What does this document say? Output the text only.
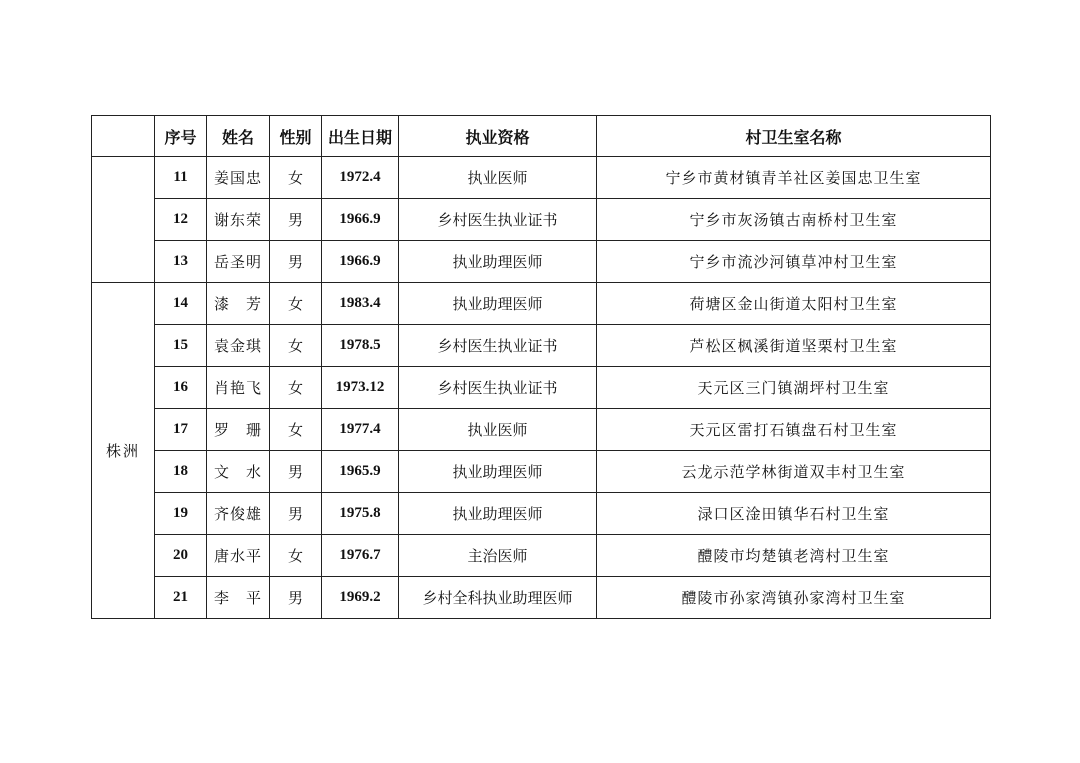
	序号	姓名	性别	出生日期	执业资格	村卫生室名称
	11	姜国忠	女	1972.4	执业医师	宁乡市黄材镇青羊社区姜国忠卫生室
	12	谢东荣	男	1966.9	乡村医生执业证书	宁乡市灰汤镇古南桥村卫生室
	13	岳圣明	男	1966.9	执业助理医师	宁乡市流沙河镇草冲村卫生室
株洲	14	漆　芳	女	1983.4	执业助理医师	荷塘区金山街道太阳村卫生室
	15	袁金琪	女	1978.5	乡村医生执业证书	芦松区枫溪街道坚栗村卫生室
	16	肖艳飞	女	1973.12	乡村医生执业证书	天元区三门镇湖坪村卫生室
	17	罗　珊	女	1977.4	执业医师	天元区雷打石镇盘石村卫生室
	18	文　水	男	1965.9	执业助理医师	云龙示范学林街道双丰村卫生室
	19	齐俊雄	男	1975.8	执业助理医师	渌口区淦田镇华石村卫生室
	20	唐水平	女	1976.7	主治医师	醴陵市均楚镇老湾村卫生室
	21	李　平	男	1969.2	乡村全科执业助理医师	醴陵市孙家湾镇孙家湾村卫生室
